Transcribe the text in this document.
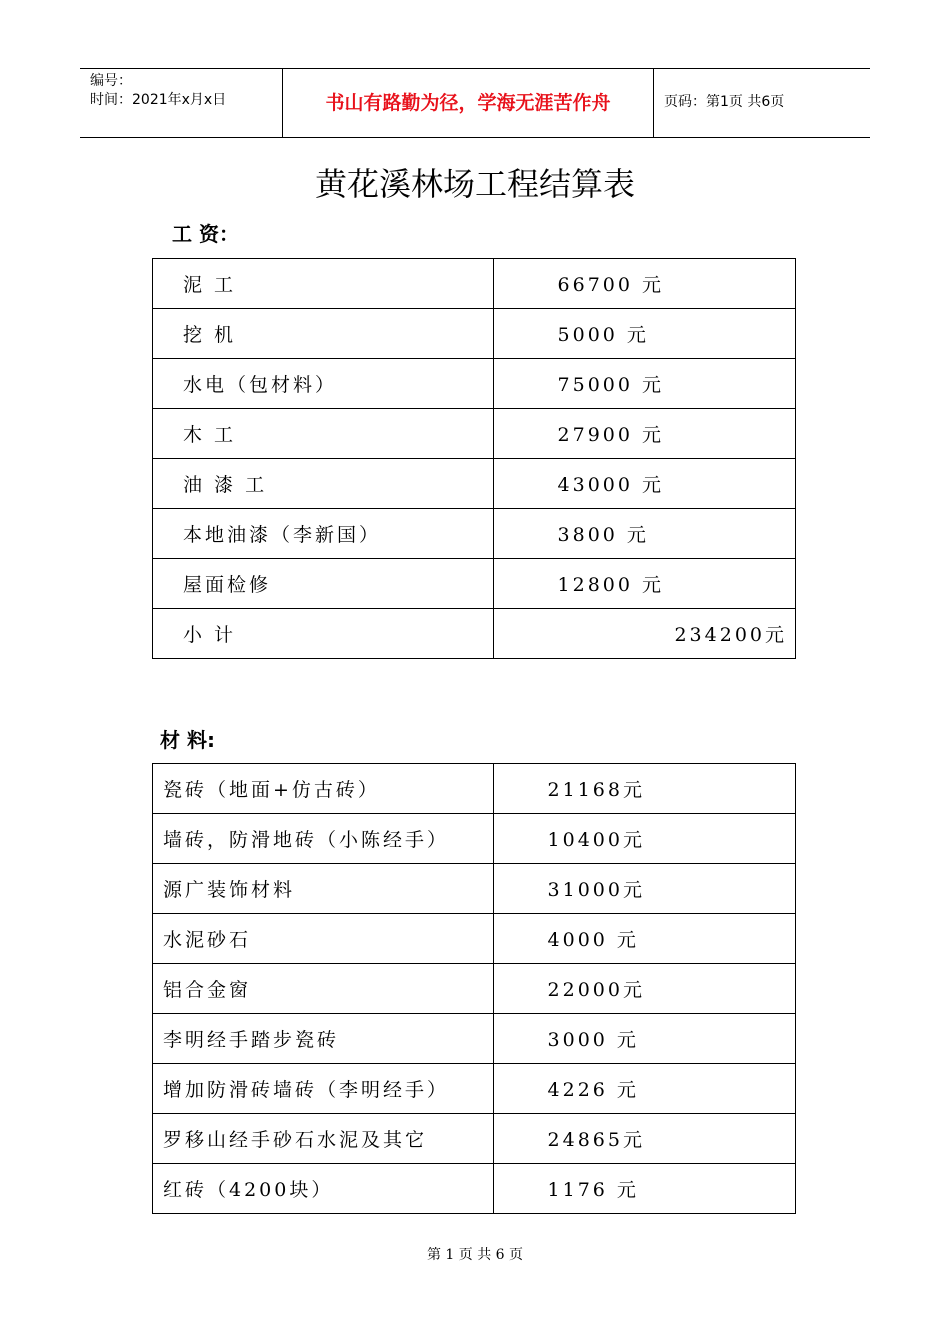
编号：
时间：2021年x月x日	书山有路勤为径，学海无涯苦作舟	页码：第1页 共6页
黄花溪林场工程结算表
工 资：
泥 工	66700 元
挖 机	5000 元
水电（包材料）	75000 元
木 工	27900 元
油 漆 工	43000 元
本地油漆（李新国）	3800 元
屋面检修	12800 元
小 计	234200元
材 料:
瓷砖（地面+仿古砖）	21168元
墙砖，防滑地砖（小陈经手）	10400元
源广装饰材料	31000元
水泥砂石	4000 元
铝合金窗	22000元
李明经手踏步瓷砖	3000 元
增加防滑砖墙砖（李明经手）	4226 元
罗移山经手砂石水泥及其它	24865元
红砖（4200块）	1176 元
第 1 页 共 6 页
